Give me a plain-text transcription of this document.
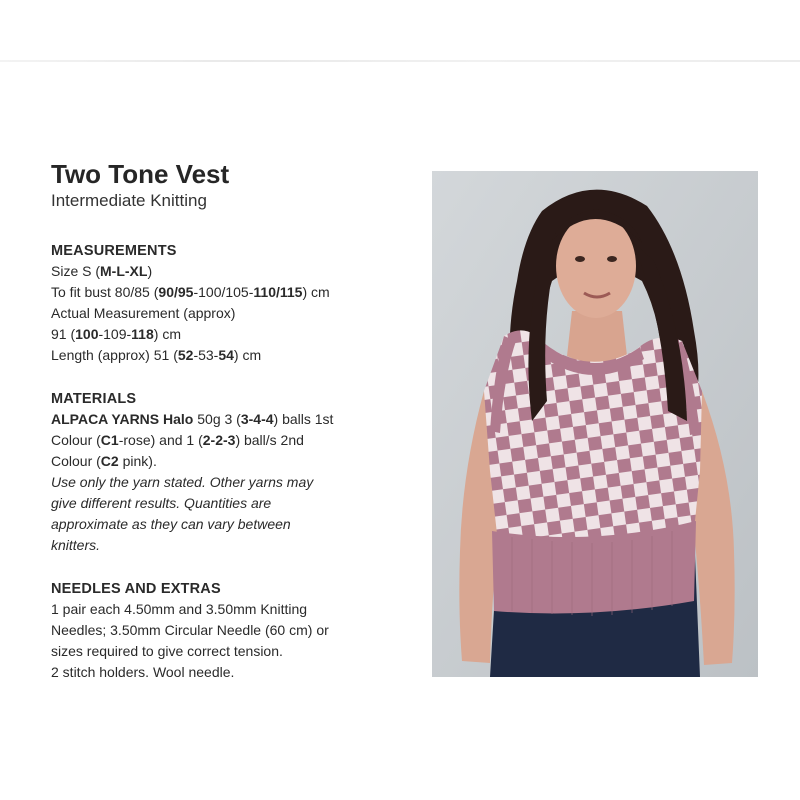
Two Tone Vest

Intermediate Knitting

MEASUREMENTS

Size S (M-L-XL)

To fit bust 80/85 (90/95-100/105-110/115) cm

Actual Measurement (approx)

91 (100-109-118) cm

Length (approx) 51 (52-53-54) cm

MATERIALS

ALPACA YARNS Halo 50g 3 (3-4-4) balls 1st

Colour (C1-rose) and 1 (2-2-3) ball/s 2nd

Colour (C2 pink).

Use only the yarn stated. Other yarns may

give different results. Quantities are

approximate as they can vary between

knitters.

NEEDLES AND EXTRAS

1 pair each 4.50mm and 3.50mm Knitting

Needles; 3.50mm Circular Needle (60 cm) or

sizes required to give correct tension.

2 stitch holders. Wool needle.
